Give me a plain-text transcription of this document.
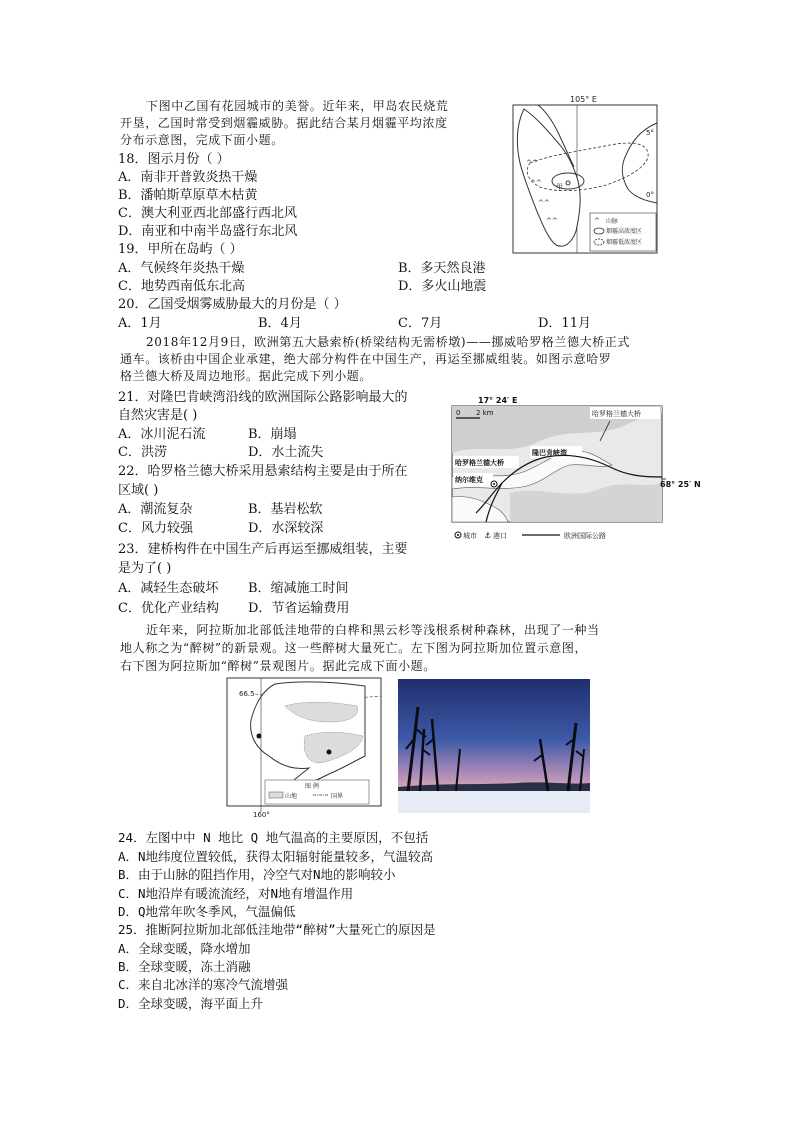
下图中乙国有花园城市的美誉。近年来，甲岛农民烧荒
开垦，乙国时常受到烟霾威胁。据此结合某月烟霾平均浓度
分布示意图，完成下面小题。
18．图示月份（ ）
A．南非开普敦炎热干燥
B．潘帕斯草原草木枯黄
C．澳大利亚西北部盛行西北风
D．南亚和中南半岛盛行东北风
19．甲所在岛屿（ ）
A．气候终年炎热干燥	B．多天然良港
C．地势西南低东北高	D．多火山地震
20．乙国受烟雾威胁最大的月份是（ ）
A．1月	B．4月	C．7月	D．11月
105° E
5°
0°
^^
^^
^^
^^
甲
^ 山脉
烟霾高浓度区
烟霾低浓度区
2018年12月9日，欧洲第五大悬索桥(桥梁结构无需桥墩)——挪威哈罗格兰德大桥正式
通车。该桥由中国企业承建，绝大部分构件在中国生产，再运至挪威组装。如图示意哈罗
格兰德大桥及周边地形。据此完成下列小题。
21．对隆巴肯峡湾沿线的欧洲国际公路影响最大的
自然灾害是( )
A．冰川泥石流	B．崩塌
C．洪涝	D．水土流失
22．哈罗格兰德大桥采用悬索结构主要是由于所在
区域( )
A．潮流复杂	B．基岩松软
C．风力较强	D．水深较深
23．建桥构件在中国生产后再运至挪威组装，主要
是为了( )
A．减轻生态破坏 B．缩减施工时间
C．优化产业结构 D．节省运输费用
17° 24′ E
0 2 km	哈罗格兰德大桥
隆巴肯峡湾
哈罗格兰德大桥
纳尔维克	68° 25′ N
城市 ⚓ 港口	欧洲国际公路
近年来，阿拉斯加北部低洼地带的白桦和黑云杉等浅根系树种森林，出现了一种当
地人称之为“醉树”的新景观。这一些醉树大量死亡。左下图为阿拉斯加位置示意图，
右下图为阿拉斯加“醉树”景观图片。据此完成下面小题。
66.5
160°
图 例
山地	国界
24．左图中中 N 地比 Q 地气温高的主要原因，不包括
A．N地纬度位置较低，获得太阳辐射能量较多，气温较高
B．由于山脉的阻挡作用，冷空气对N地的影响较小
C．N地沿岸有暖流流经，对N地有增温作用
D．Q地常年吹冬季风，气温偏低
25．推断阿拉斯加北部低洼地带“醉树”大量死亡的原因是
A．全球变暖，降水增加
B．全球变暖，冻土消融
C．来自北冰洋的寒冷气流增强
D．全球变暖，海平面上升
